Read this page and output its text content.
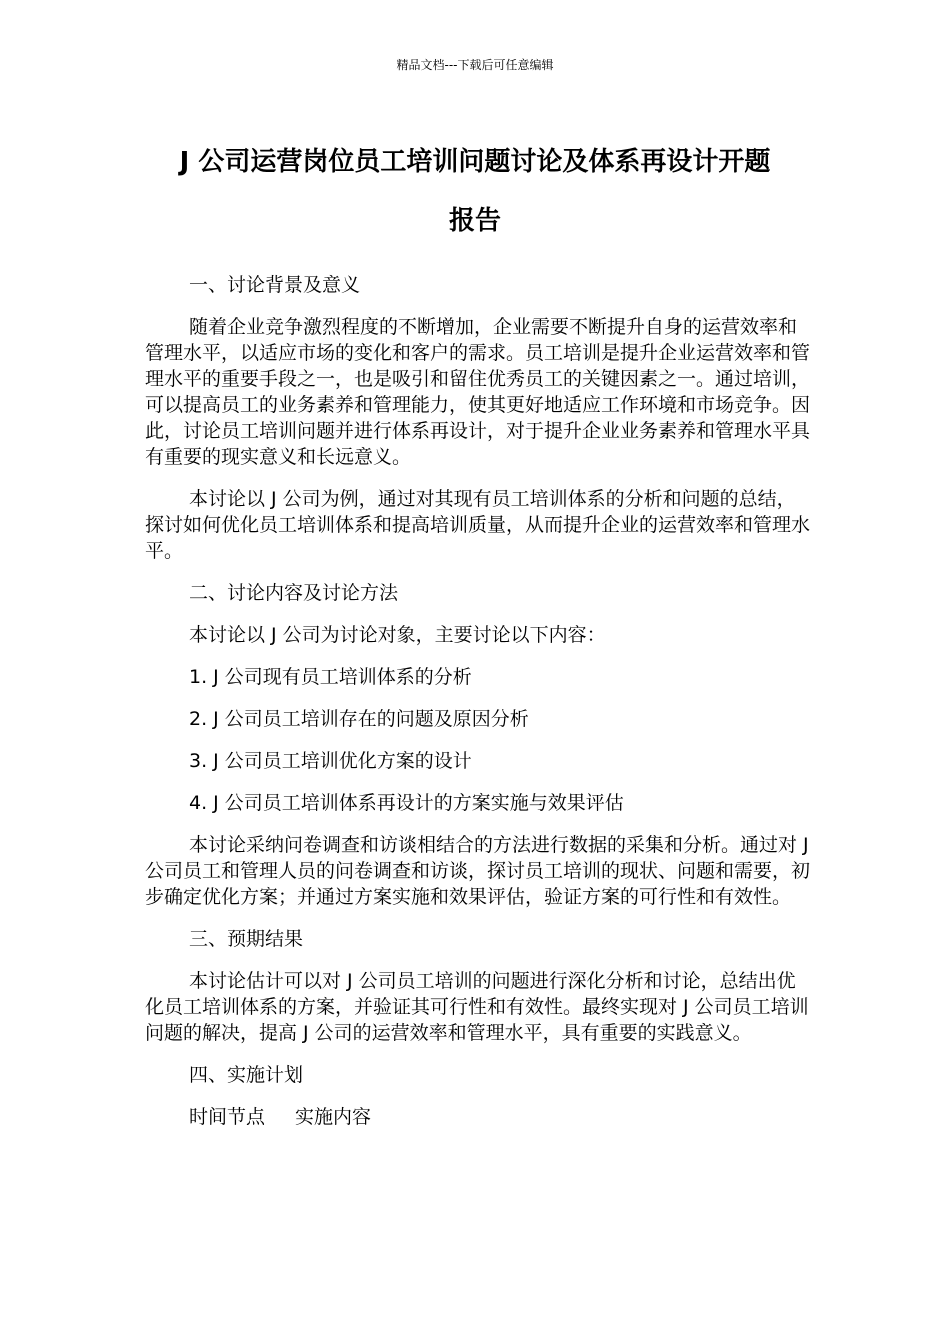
精品文档---下载后可任意编辑
J 公司运营岗位员工培训问题讨论及体系再设计开题
报告

一、讨论背景及意义

随着企业竞争激烈程度的不断增加，企业需要不断提升自身的运营效率和管理水平，以适应市场的变化和客户的需求。员工培训是提升企业运营效率和管理水平的重要手段之一，也是吸引和留住优秀员工的关键因素之一。通过培训，可以提高员工的业务素养和管理能力，使其更好地适应工作环境和市场竞争。因此，讨论员工培训问题并进行体系再设计，对于提升企业业务素养和管理水平具有重要的现实意义和长远意义。

本讨论以 J 公司为例，通过对其现有员工培训体系的分析和问题的总结，探讨如何优化员工培训体系和提高培训质量，从而提升企业的运营效率和管理水平。

二、讨论内容及讨论方法

本讨论以 J 公司为讨论对象，主要讨论以下内容：

1. J 公司现有员工培训体系的分析

2. J 公司员工培训存在的问题及原因分析

3. J 公司员工培训优化方案的设计

4. J 公司员工培训体系再设计的方案实施与效果评估

本讨论采纳问卷调查和访谈相结合的方法进行数据的采集和分析。通过对 J 公司员工和管理人员的问卷调查和访谈，探讨员工培训的现状、问题和需要，初步确定优化方案；并通过方案实施和效果评估，验证方案的可行性和有效性。

三、预期结果

本讨论估计可以对 J 公司员工培训的问题进行深化分析和讨论，总结出优化员工培训体系的方案，并验证其可行性和有效性。最终实现对 J 公司员工培训问题的解决，提高 J 公司的运营效率和管理水平，具有重要的实践意义。

四、实施计划

时间节点 实施内容
